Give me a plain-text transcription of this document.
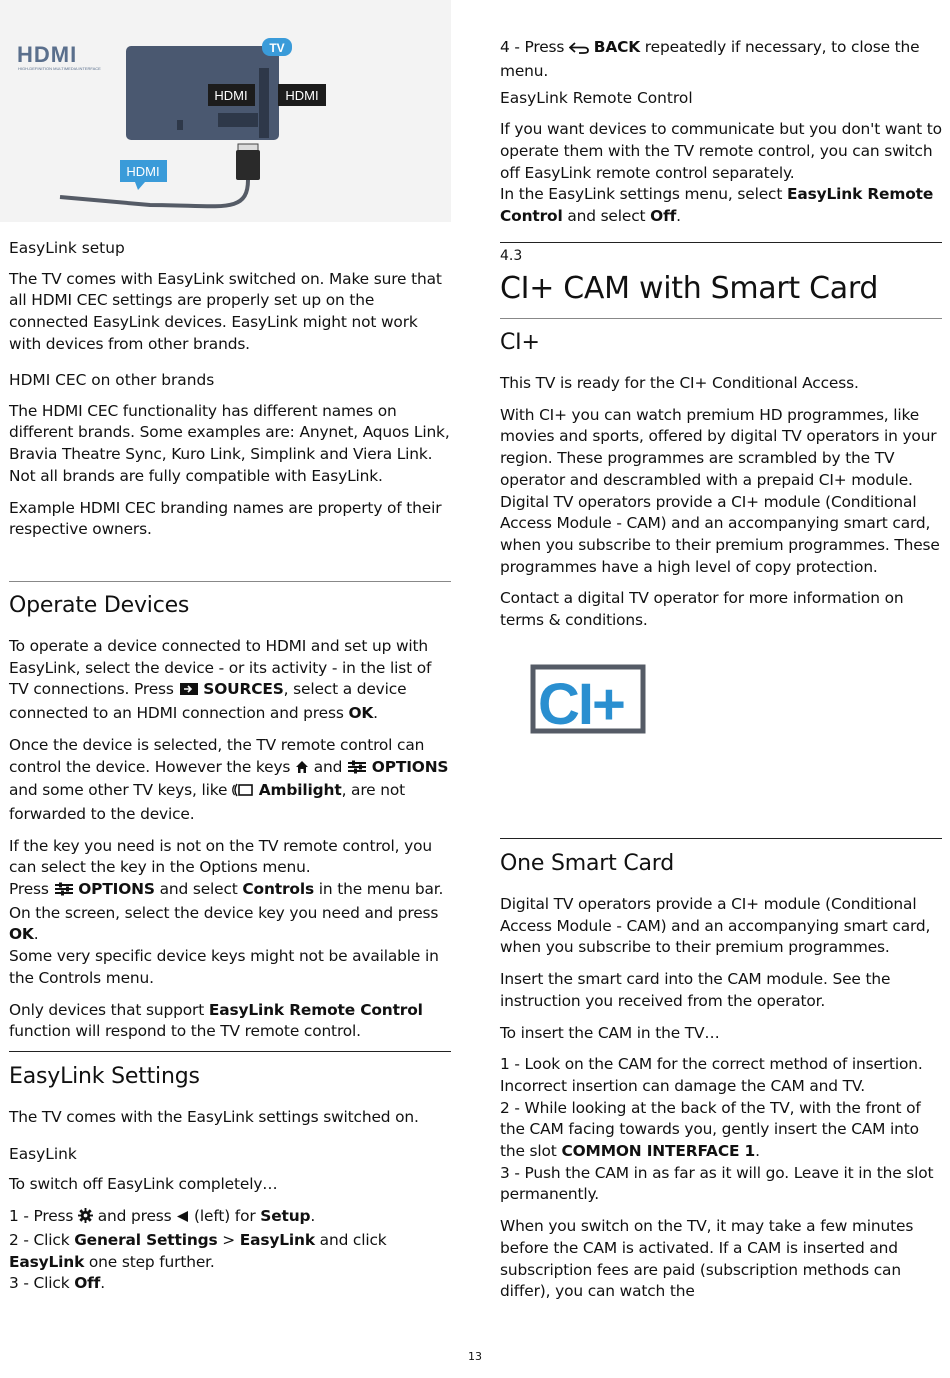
HDMI
HIGH-DEFINITION MULTIMEDIA INTERFACE
TV
HDMI	HDMI
HDMI
EasyLink setup

The TV comes with EasyLink switched on. Make sure that all HDMI CEC settings are properly set up on the connected EasyLink devices. EasyLink might not work with devices from other brands.

HDMI CEC on other brands

The HDMI CEC functionality has different names on different brands. Some examples are: Anynet, Aquos Link, Bravia Theatre Sync, Kuro Link, Simplink and Viera Link. Not all brands are fully compatible with EasyLink.

Example HDMI CEC branding names are property of their respective owners.

Operate Devices

To operate a device connected to HDMI and set up with EasyLink, select the device - or its activity - in the list of TV connections. Press  SOURCES, select a device connected to an HDMI connection and press OK.

Once the device is selected, the TV remote control can control the device. However the keys  and  OPTIONS and some other TV keys, like  Ambilight, are not forwarded to the device.

If the key you need is not on the TV remote control, you can select the key in the Options menu.
Press  OPTIONS and select Controls in the menu bar. On the screen, select the device key you need and press OK.
Some very specific device keys might not be available in the Controls menu.

Only devices that support EasyLink Remote Control function will respond to the TV remote control.

EasyLink Settings

The TV comes with the EasyLink settings switched on.

EasyLink

To switch off EasyLink completely…

1 - Press  and press  (left) for Setup.
2 - Click General Settings > EasyLink and click EasyLink one step further.
3 - Click Off.

4 - Press  BACK repeatedly if necessary, to close the menu.

EasyLink Remote Control

If you want devices to communicate but you don't want to operate them with the TV remote control, you can switch off EasyLink remote control separately.
In the EasyLink settings menu, select EasyLink Remote Control and select Off.

4.3
CI+ CAM with Smart Card
CI+

This TV is ready for the CI+ Conditional Access.

With CI+ you can watch premium HD programmes, like movies and sports, offered by digital TV operators in your region. These programmes are scrambled by the TV operator and descrambled with a prepaid CI+ module.
Digital TV operators provide a CI+ module (Conditional Access Module - CAM) and an accompanying smart card, when you subscribe to their premium programmes. These programmes have a high level of copy protection.

Contact a digital TV operator for more information on terms & conditions.

CI+
One Smart Card

Digital TV operators provide a CI+ module (Conditional Access Module - CAM) and an accompanying smart card, when you subscribe to their premium programmes.

Insert the smart card into the CAM module. See the instruction you received from the operator.

To insert the CAM in the TV…

1 - Look on the CAM for the correct method of insertion. Incorrect insertion can damage the CAM and TV.
2 - While looking at the back of the TV, with the front of the CAM facing towards you, gently insert the CAM into the slot COMMON INTERFACE 1.
3 - Push the CAM in as far as it will go. Leave it in the slot permanently.

When you switch on the TV, it may take a few minutes before the CAM is activated. If a CAM is inserted and subscription fees are paid (subscription methods can differ), you can watch the

13
